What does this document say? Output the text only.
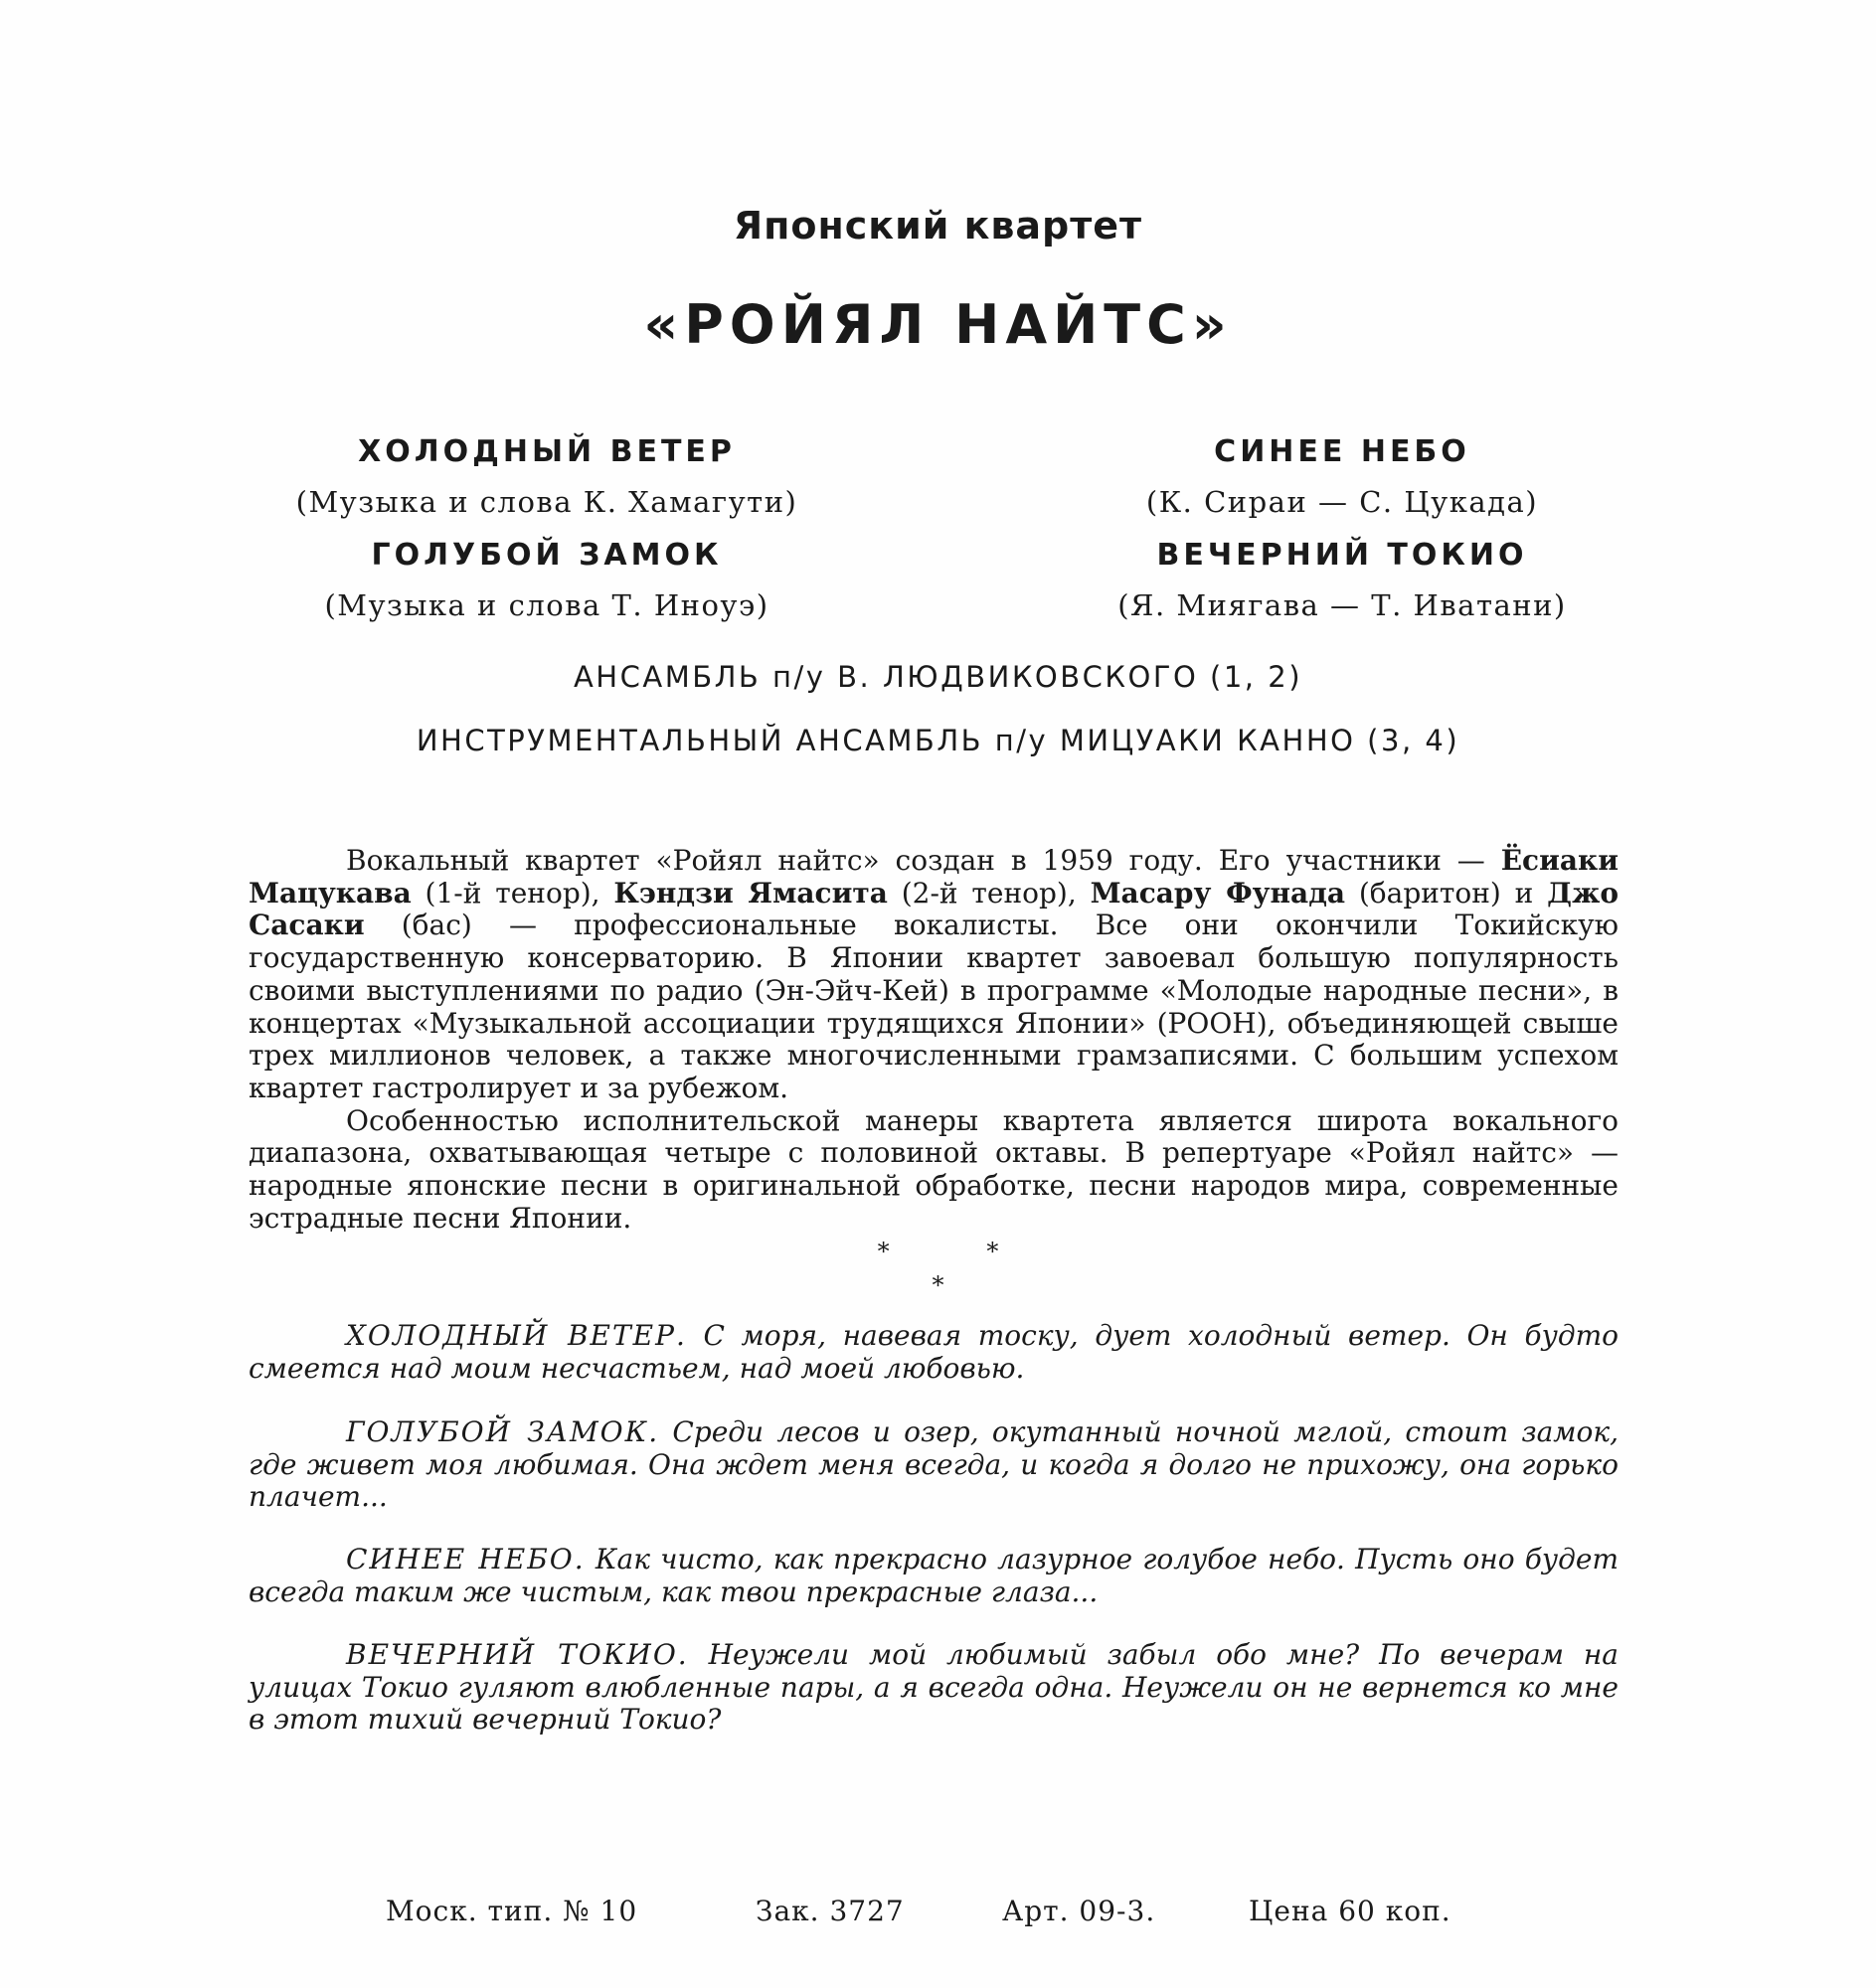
Японский квартет
«РОЙЯЛ НАЙТС»
ХОЛОДНЫЙ ВЕТЕР
(Музыка и слова К. Хамагути)
ГОЛУБОЙ ЗАМОК
(Музыка и слова Т. Иноуэ)
СИНЕЕ НЕБО
(К. Сираи — С. Цукада)
ВЕЧЕРНИЙ ТОКИО
(Я. Миягава — Т. Иватани)
АНСАМБЛЬ п/у В. ЛЮДВИКОВСКОГО (1, 2)
ИНСТРУМЕНТАЛЬНЫЙ АНСАМБЛЬ п/у МИЦУАКИ КАННО (3, 4)

Вокальный квартет «Ройял найтс» создан в 1959 году. Его участники — Ёсиаки Мацукава (1-й тенор), Кэндзи Ямасита (2-й тенор), Масару Фунада (баритон) и Джо Сасаки (бас) — профессиональные вокалисты. Все они окончили Токийскую государственную консерваторию. В Японии квартет завоевал большую популярность своими выступлениями по радио (Эн-Эйч-Кей) в программе «Молодые народные песни», в концертах «Музыкальной ассоциации трудящихся Японии» (РООН), объединяющей свыше трех миллионов человек, а также многочисленными грамзаписями. С большим успехом квартет гастролирует и за рубежом.

Особенностью исполнительской манеры квартета является широта вокального диапазона, охватывающая четыре с половиной октавы. В репертуаре «Ройял найтс» — народные японские песни в оригинальной обработке, песни народов мира, современные эстрадные песни Японии.

*	*
*

ХОЛОДНЫЙ ВЕТЕР. С моря, навевая тоску, дует холодный ветер. Он будто смеется над моим несчастьем, над моей любовью.

ГОЛУБОЙ ЗАМОК. Среди лесов и озер, окутанный ночной мглой, стоит замок, где живет моя любимая. Она ждет меня всегда, и когда я долго не прихожу, она горько плачет...

СИНЕЕ НЕБО. Как чисто, как прекрасно лазурное голубое небо. Пусть оно будет всегда таким же чистым, как твои прекрасные глаза...

ВЕЧЕРНИЙ ТОКИО. Неужели мой любимый забыл обо мне? По вечерам на улицах Токио гуляют влюбленные пары, а я всегда одна. Неужели он не вернется ко мне в этот тихий вечерний Токио?

Моск. тип. № 10	Зак. 3727	Арт. 09-3.	Цена 60 коп.
